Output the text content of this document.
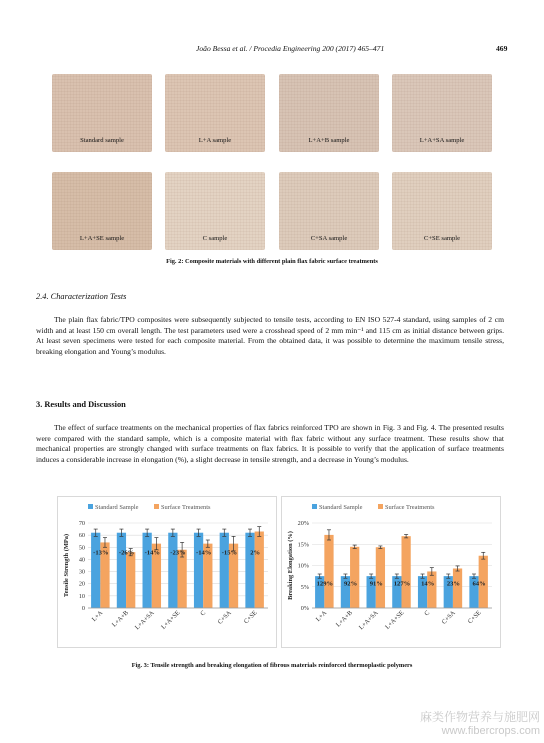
João Bessa et al. / Procedia Engineering 200 (2017) 465–471	469
Standard sample	L+A sample	L+A+B sample	L+A+SA sample
L+A+SE sample	C sample	C+SA sample	C+SE sample
Fig. 2: Composite materials with different plain flax fabric surface treatments
2.4. Characterization Tests
The plain flax fabric/TPO composites were subsequently subjected to tensile tests, according to EN ISO 527-4 standard, using samples of 2 cm width and at least 150 cm overall length. The test parameters used were a crosshead speed of 2 mm min⁻¹ and 115 cm as initial distance between grips. At least seven specimens were tested for each composite material. From the obtained data, it was possible to determine the maximum tensile stress, breaking elongation and Young’s modulus.
3. Results and Discussion
The effect of surface treatments on the mechanical properties of flax fabrics reinforced TPO are shown in Fig. 3 and Fig. 4. The presented results were compared with the standard sample, which is a composite material with flax fabric without any surface treatment. These results show that mechanical properties are strongly changed with surface treatments on flax fabrics. It is possible to verify that the application of surface treatments induces a considerable increase in elongation (%), a slight decrease in tensile strength, and a decrease in Young’s modulus.
Standard Sample	Surface Treatments
0
10
20
30
40
50
60
70
Tensile Strength (MPa)	-13%
L+A
-26%
L+A+B
-14%
L+A+SA
-23%
L+A+SE
-14%
C
-15%
C+SA
2%
C+SE
Standard Sample	Surface Treatments
0%
5%
10%
15%
20%
Breaking Elongation (%)	129%
L+A
92%
L+A+B
91%
L+A+SA
127%
L+A+SE
14%
C
23%
C+SA
64%
C+SE
Fig. 3: Tensile strength and breaking elongation of fibrous materials reinforced thermoplastic polymers
麻类作物营养与施肥网
www.fibercrops.com
